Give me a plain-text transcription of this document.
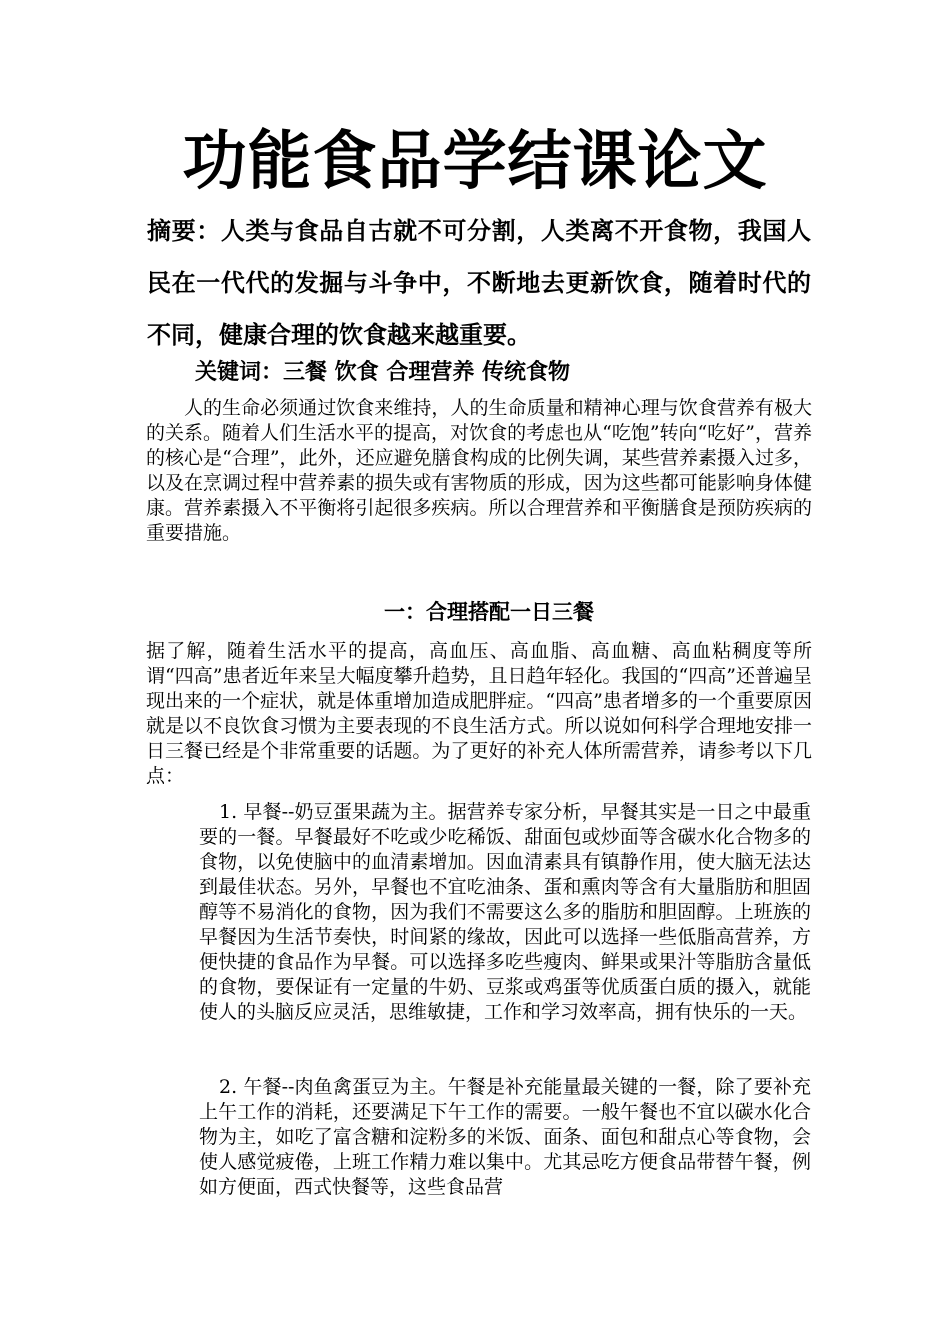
功能食品学结课论文
摘要：人类与食品自古就不可分割，人类离不开食物，我国人民在一代代的发掘与斗争中，不断地去更新饮食，随着时代的不同，健康合理的饮食越来越重要。
关键词：三餐 饮食 合理营养 传统食物

人的生命必须通过饮食来维持，人的生命质量和精神心理与饮食营养有极大的关系。随着人们生活水平的提高，对饮食的考虑也从“吃饱”转向“吃好”，营养的核心是“合理”，此外，还应避免膳食构成的比例失调，某些营养素摄入过多，以及在烹调过程中营养素的损失或有害物质的形成，因为这些都可能影响身体健康。营养素摄入不平衡将引起很多疾病。所以合理营养和平衡膳食是预防疾病的重要措施。

一：合理搭配一日三餐

据了解，随着生活水平的提高，高血压、高血脂、高血糖、高血粘稠度等所谓“四高”患者近年来呈大幅度攀升趋势，且日趋年轻化。我国的“四高”还普遍呈现出来的一个症状，就是体重增加造成肥胖症。“四高”患者增多的一个重要原因就是以不良饮食习惯为主要表现的不良生活方式。所以说如何科学合理地安排一日三餐已经是个非常重要的话题。为了更好的补充人体所需营养，请参考以下几点：

1. 早餐--奶豆蛋果蔬为主。据营养专家分析，早餐其实是一日之中最重要的一餐。早餐最好不吃或少吃稀饭、甜面包或炒面等含碳水化合物多的食物，以免使脑中的血清素增加。因血清素具有镇静作用，使大脑无法达到最佳状态。另外，早餐也不宜吃油条、蛋和熏肉等含有大量脂肪和胆固醇等不易消化的食物，因为我们不需要这么多的脂肪和胆固醇。上班族的早餐因为生活节奏快，时间紧的缘故，因此可以选择一些低脂高营养，方便快捷的食品作为早餐。可以选择多吃些瘦肉、鲜果或果汁等脂肪含量低的食物，要保证有一定量的牛奶、豆浆或鸡蛋等优质蛋白质的摄入，就能使人的头脑反应灵活，思维敏捷，工作和学习效率高，拥有快乐的一天。

2. 午餐--肉鱼禽蛋豆为主。午餐是补充能量最关键的一餐，除了要补充上午工作的消耗，还要满足下午工作的需要。一般午餐也不宜以碳水化合物为主，如吃了富含糖和淀粉多的米饭、面条、面包和甜点心等食物，会使人感觉疲倦，上班工作精力难以集中。尤其忌吃方便食品带替午餐，例如方便面，西式快餐等，这些食品营
